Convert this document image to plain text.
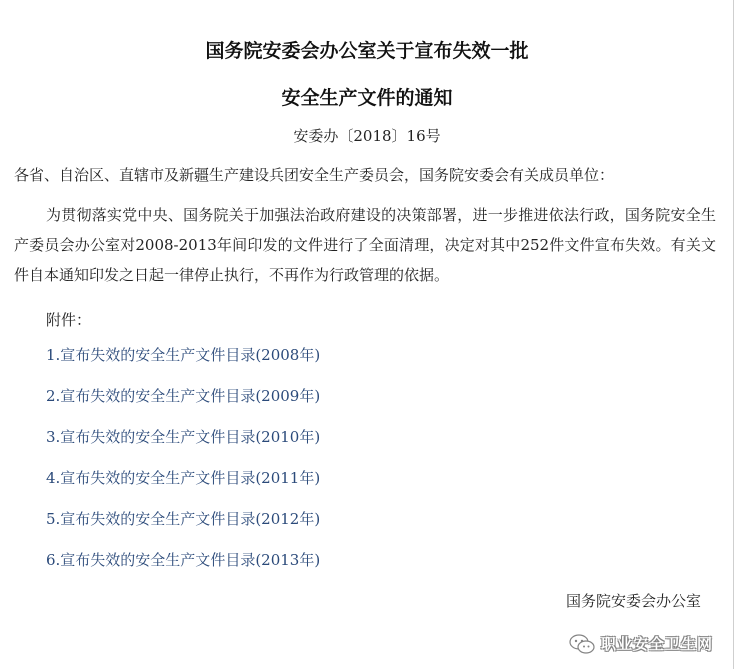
国务院安委会办公室关于宣布失效一批
安全生产文件的通知
安委办〔2018〕16号
各省、自治区、直辖市及新疆生产建设兵团安全生产委员会，国务院安委会有关成员单位：
为贯彻落实党中央、国务院关于加强法治政府建设的决策部署，进一步推进依法行政，国务院安全生产委员会办公室对2008-2013年间印发的文件进行了全面清理，决定对其中252件文件宣布失效。有关文件自本通知印发之日起一律停止执行，不再作为行政管理的依据。
附件：
1.宣布失效的安全生产文件目录(2008年)
2.宣布失效的安全生产文件目录(2009年)
3.宣布失效的安全生产文件目录(2010年)
4.宣布失效的安全生产文件目录(2011年)
5.宣布失效的安全生产文件目录(2012年)
6.宣布失效的安全生产文件目录(2013年)
国务院安委会办公室
职业安全卫生网
